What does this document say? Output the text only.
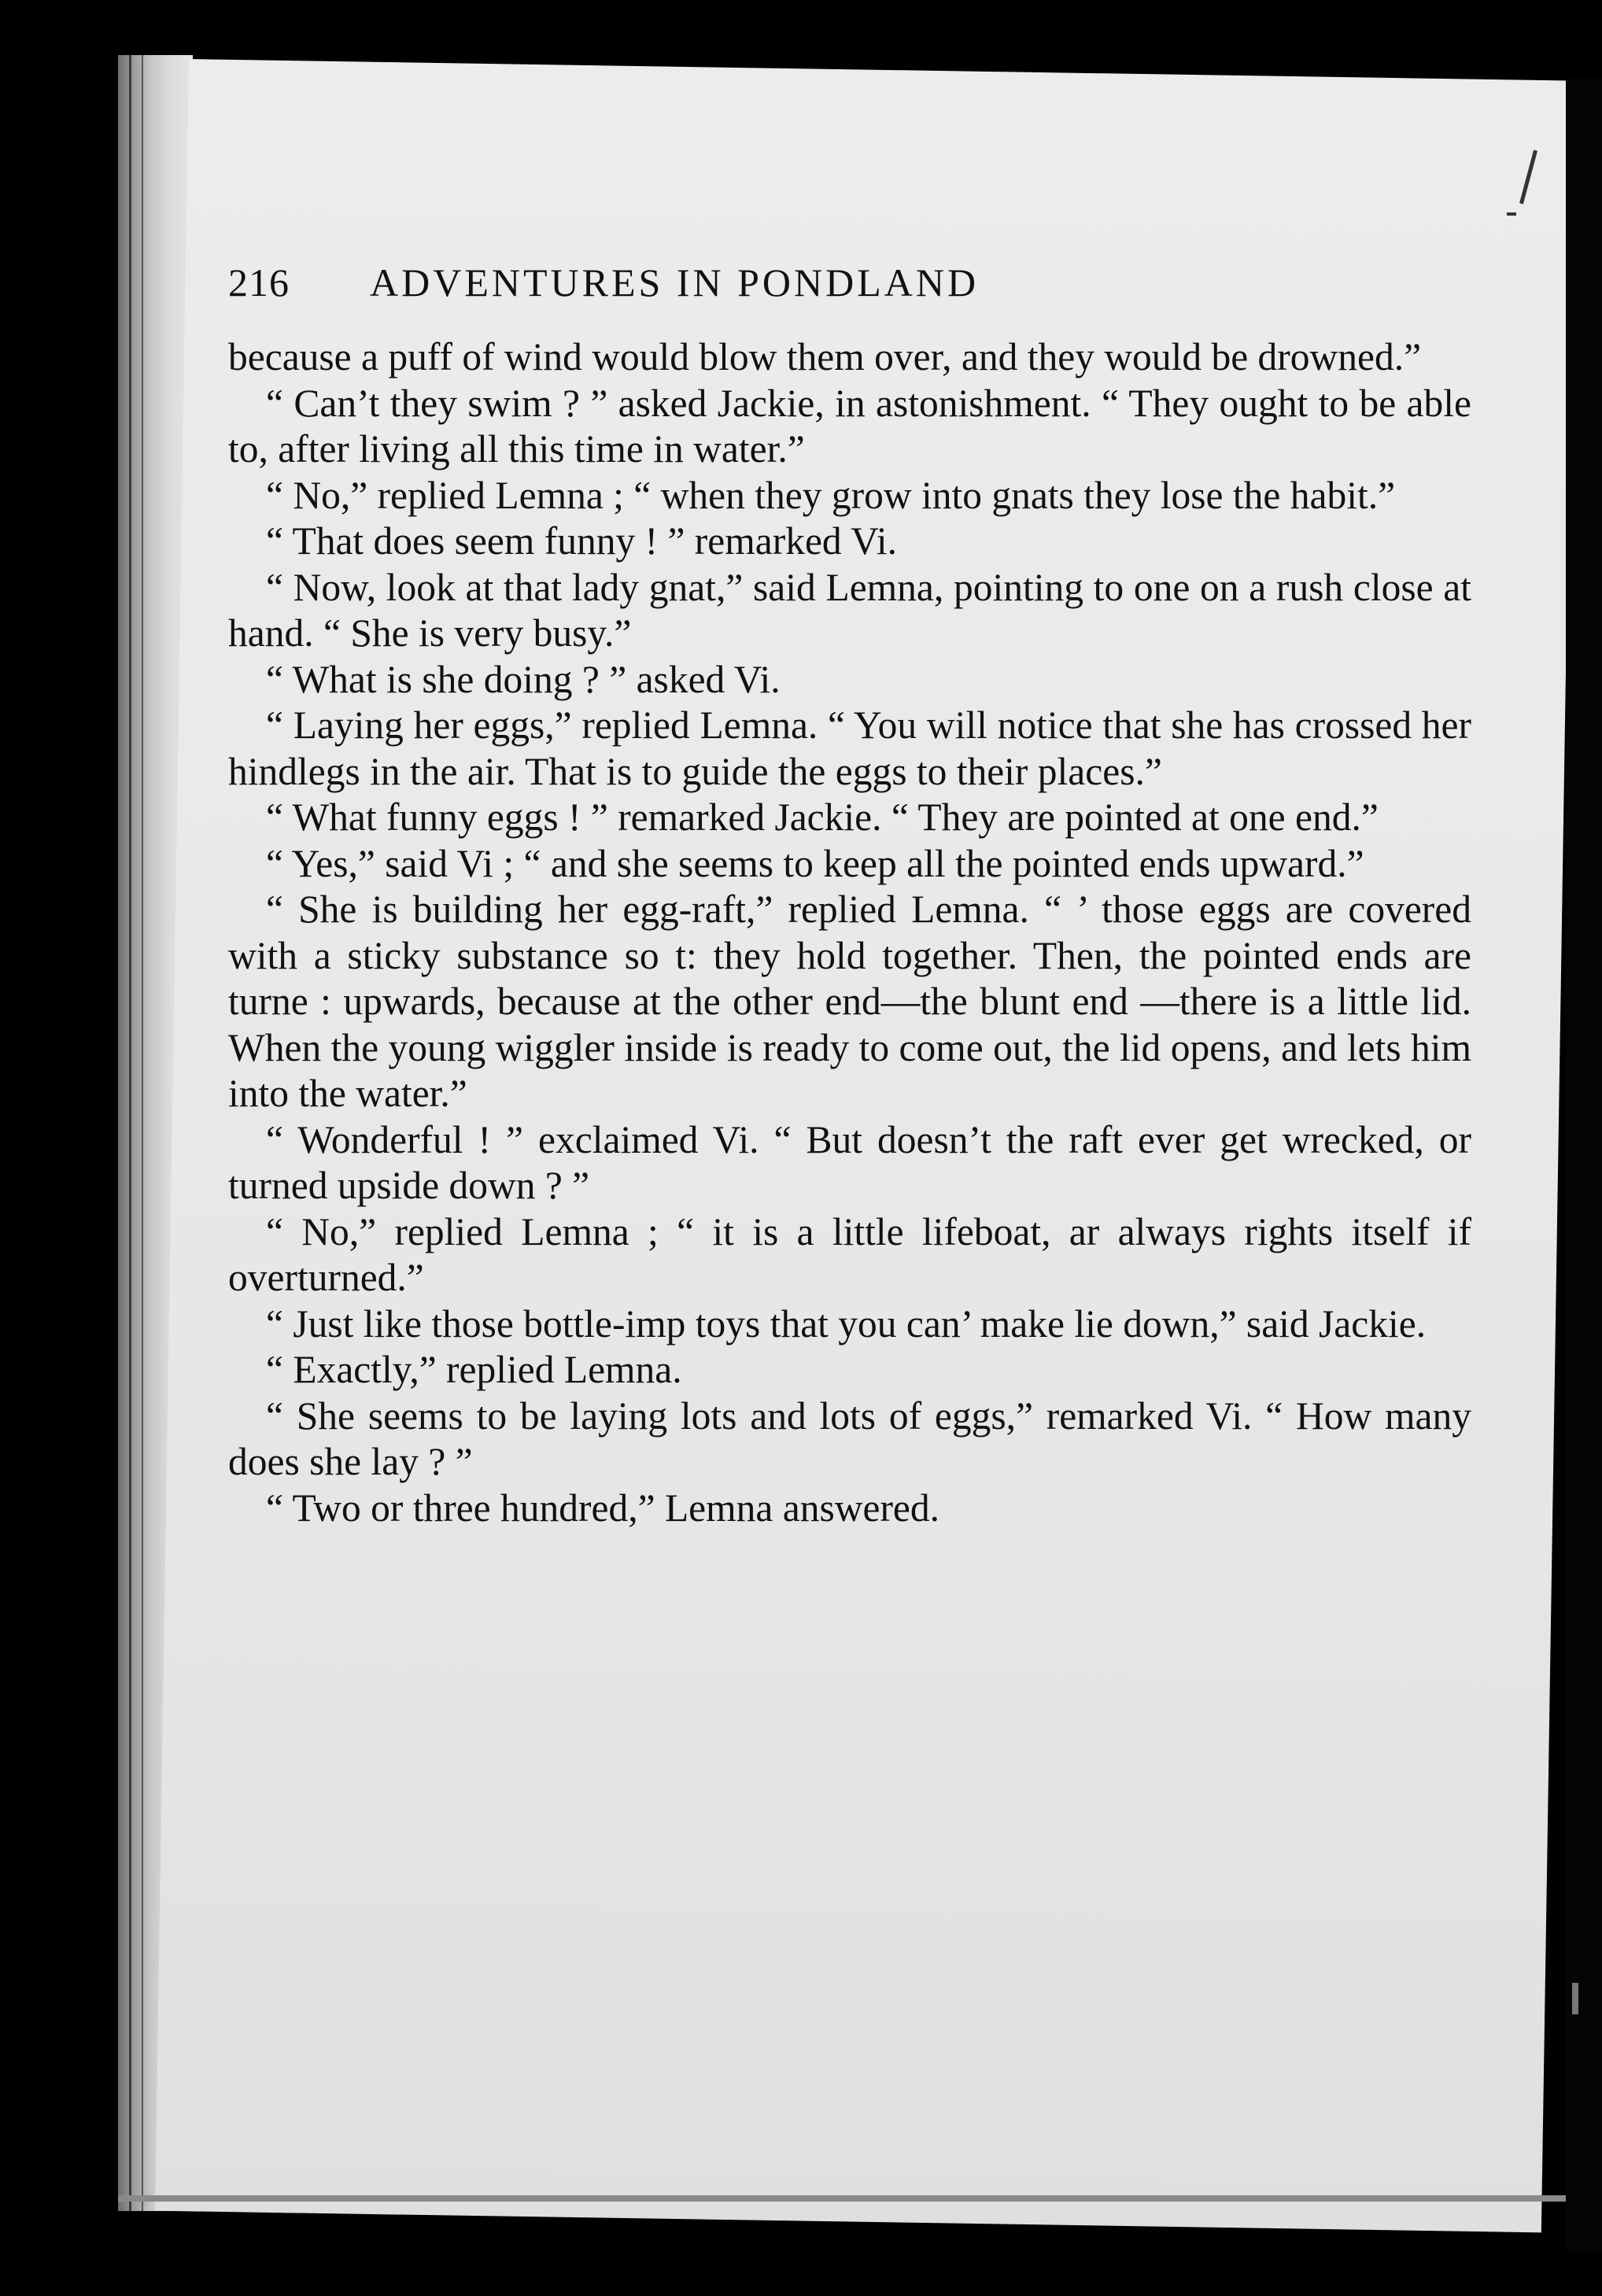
216 ADVENTURES IN PONDLAND

because a puff of wind would blow them over, and they would be drowned.”

“ Can’t they swim ? ” asked Jackie, in astonishment. “ They ought to be able to, after living all this time in water.”

“ No,” replied Lemna ; “ when they grow into gnats they lose the habit.”

“ That does seem funny ! ” remarked Vi.

“ Now, look at that lady gnat,” said Lemna, pointing to one on a rush close at hand. “ She is very busy.”

“ What is she doing ? ” asked Vi.

“ Laying her eggs,” replied Lemna. “ You will notice that she has crossed her hindlegs in the air. That is to guide the eggs to their places.”

“ What funny eggs ! ” remarked Jackie. “ They are pointed at one end.”

“ Yes,” said Vi ; “ and she seems to keep all the pointed ends upward.”

“ She is building her egg-raft,” replied Lemna. “ ’ those eggs are covered with a sticky substance so t: they hold together. Then, the pointed ends are turne : upwards, because at the other end—the blunt end —there is a little lid. When the young wiggler inside is ready to come out, the lid opens, and lets him into the water.”

“ Wonderful ! ” exclaimed Vi. “ But doesn’t the raft ever get wrecked, or turned upside down ? ”

“ No,” replied Lemna ; “ it is a little lifeboat, ar always rights itself if overturned.”

“ Just like those bottle-imp toys that you can’ make lie down,” said Jackie.

“ Exactly,” replied Lemna.

“ She seems to be laying lots and lots of eggs,” remarked Vi. “ How many does she lay ? ”

“ Two or three hundred,” Lemna answered.
